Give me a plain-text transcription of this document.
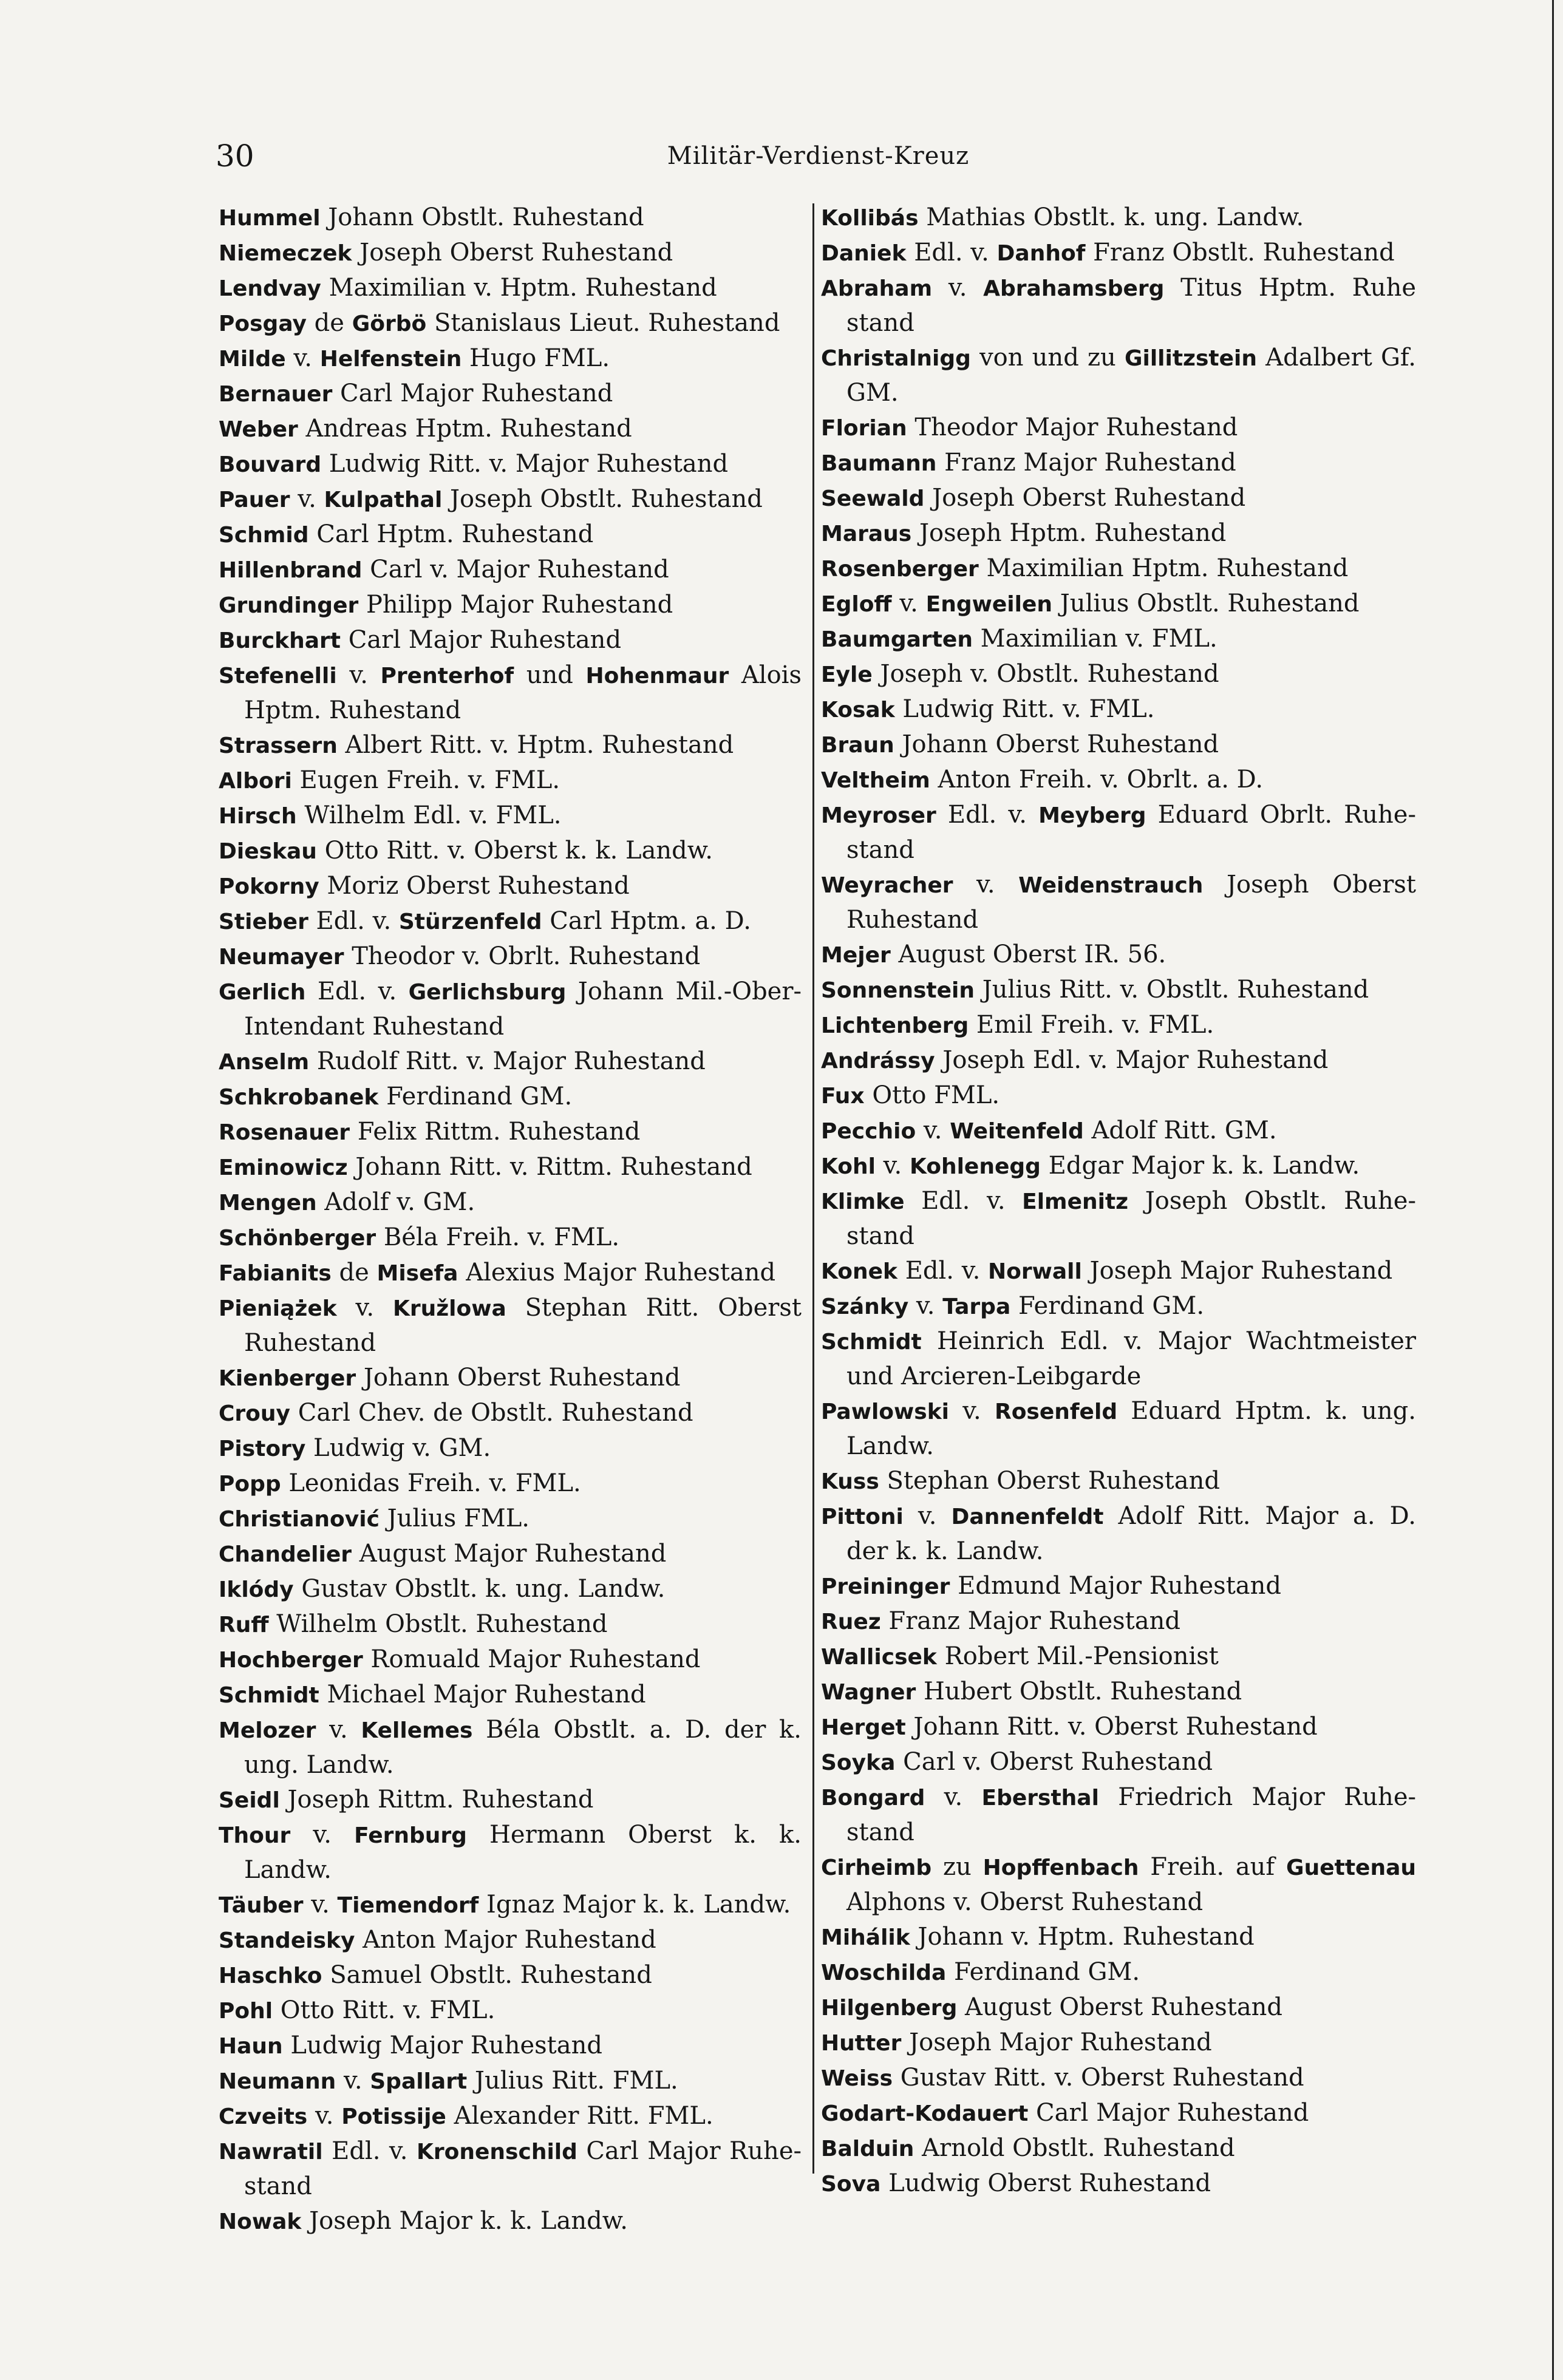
30	Militär-Verdienst-Kreuz

Hummel Johann Obstlt. Ruhestand

Niemeczek Joseph Oberst Ruhestand

Lendvay Maximilian v. Hptm. Ruhestand

Posgay de Görbö Stanislaus Lieut. Ruhestand

Milde v. Helfenstein Hugo FML.

Bernauer Carl Major Ruhestand

Weber Andreas Hptm. Ruhestand

Bouvard Ludwig Ritt. v. Major Ruhestand

Pauer v. Kulpathal Joseph Obstlt. Ruhestand

Schmid Carl Hptm. Ruhestand

Hillenbrand Carl v. Major Ruhestand

Grundinger Philipp Major Ruhestand

Burckhart Carl Major Ruhestand

Stefenelli v. Prenterhof und Hohenmaur Alois Hptm. Ruhestand

Strassern Albert Ritt. v. Hptm. Ruhestand

Albori Eugen Freih. v. FML.

Hirsch Wilhelm Edl. v. FML.

Dieskau Otto Ritt. v. Oberst k. k. Landw.

Pokorny Moriz Oberst Ruhestand

Stieber Edl. v. Stürzenfeld Carl Hptm. a. D.

Neumayer Theodor v. Obrlt. Ruhestand

Gerlich Edl. v. Gerlichsburg Johann Mil.-Ober-Intendant Ruhestand

Anselm Rudolf Ritt. v. Major Ruhestand

Schkrobanek Ferdinand GM.

Rosenauer Felix Rittm. Ruhestand

Eminowicz Johann Ritt. v. Rittm. Ruhestand

Mengen Adolf v. GM.

Schönberger Béla Freih. v. FML.

Fabianits de Misefa Alexius Major Ruhestand

Pieniążek v. Kružlowa Stephan Ritt. Oberst Ruhestand

Kienberger Johann Oberst Ruhestand

Crouy Carl Chev. de Obstlt. Ruhestand

Pistory Ludwig v. GM.

Popp Leonidas Freih. v. FML.

Christianović Julius FML.

Chandelier August Major Ruhestand

Iklódy Gustav Obstlt. k. ung. Landw.

Ruff Wilhelm Obstlt. Ruhestand

Hochberger Romuald Major Ruhestand

Schmidt Michael Major Ruhestand

Melozer v. Kellemes Béla Obstlt. a. D. der k. ung. Landw.

Seidl Joseph Rittm. Ruhestand

Thour v. Fernburg Hermann Oberst k. k. Landw.

Täuber v. Tiemendorf Ignaz Major k. k. Landw.

Standeisky Anton Major Ruhestand

Haschko Samuel Obstlt. Ruhestand

Pohl Otto Ritt. v. FML.

Haun Ludwig Major Ruhestand

Neumann v. Spallart Julius Ritt. FML.

Czveits v. Potissije Alexander Ritt. FML.

Nawratil Edl. v. Kronenschild Carl Major Ruhe-stand

Nowak Joseph Major k. k. Landw.

Kollibás Mathias Obstlt. k. ung. Landw.

Daniek Edl. v. Danhof Franz Obstlt. Ruhestand

Abraham v. Abrahamsberg Titus Hptm. Ruhe stand

Christalnigg von und zu Gillitzstein Adalbert Gf. GM.

Florian Theodor Major Ruhestand

Baumann Franz Major Ruhestand

Seewald Joseph Oberst Ruhestand

Maraus Joseph Hptm. Ruhestand

Rosenberger Maximilian Hptm. Ruhestand

Egloff v. Engweilen Julius Obstlt. Ruhestand

Baumgarten Maximilian v. FML.

Eyle Joseph v. Obstlt. Ruhestand

Kosak Ludwig Ritt. v. FML.

Braun Johann Oberst Ruhestand

Veltheim Anton Freih. v. Obrlt. a. D.

Meyroser Edl. v. Meyberg Eduard Obrlt. Ruhe-stand

Weyracher v. Weidenstrauch Joseph Oberst Ruhestand

Mejer August Oberst IR. 56.

Sonnenstein Julius Ritt. v. Obstlt. Ruhestand

Lichtenberg Emil Freih. v. FML.

Andrássy Joseph Edl. v. Major Ruhestand

Fux Otto FML.

Pecchio v. Weitenfeld Adolf Ritt. GM.

Kohl v. Kohlenegg Edgar Major k. k. Landw.

Klimke Edl. v. Elmenitz Joseph Obstlt. Ruhe-stand

Konek Edl. v. Norwall Joseph Major Ruhestand

Szánky v. Tarpa Ferdinand GM.

Schmidt Heinrich Edl. v. Major Wachtmeister und Arcieren-Leibgarde

Pawlowski v. Rosenfeld Eduard Hptm. k. ung. Landw.

Kuss Stephan Oberst Ruhestand

Pittoni v. Dannenfeldt Adolf Ritt. Major a. D. der k. k. Landw.

Preininger Edmund Major Ruhestand

Ruez Franz Major Ruhestand

Wallicsek Robert Mil.-Pensionist

Wagner Hubert Obstlt. Ruhestand

Herget Johann Ritt. v. Oberst Ruhestand

Soyka Carl v. Oberst Ruhestand

Bongard v. Ebersthal Friedrich Major Ruhe-stand

Cirheimb zu Hopffenbach Freih. auf Guettenau Alphons v. Oberst Ruhestand

Mihálik Johann v. Hptm. Ruhestand

Woschilda Ferdinand GM.

Hilgenberg August Oberst Ruhestand

Hutter Joseph Major Ruhestand

Weiss Gustav Ritt. v. Oberst Ruhestand

Godart-Kodauert Carl Major Ruhestand

Balduin Arnold Obstlt. Ruhestand

Sova Ludwig Oberst Ruhestand
